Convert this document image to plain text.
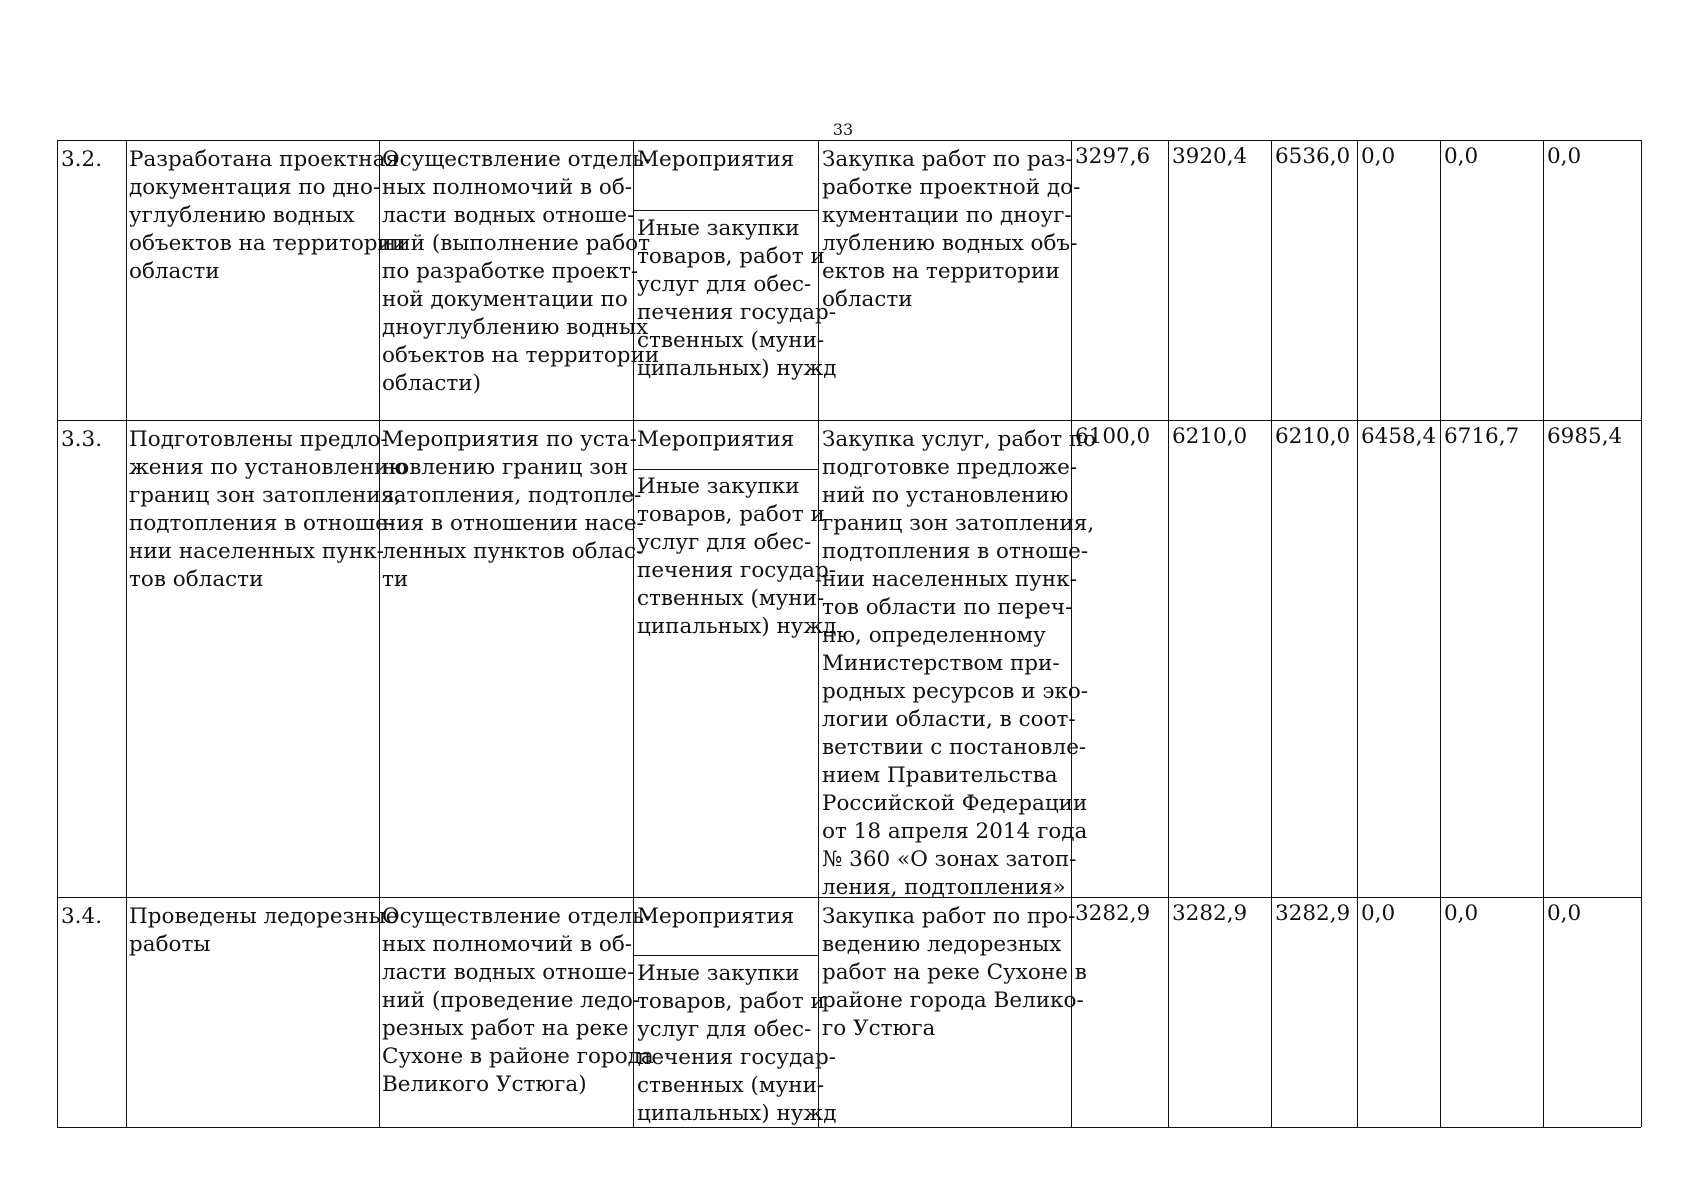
33
3.2. Разработана проектная
документация по дно-
углублению водных
объектов на территории
области
Осуществление отдель-
ных полномочий в об-
ласти водных отноше-
ний (выполнение работ
по разработке проект-
ной документации по
дноуглублению водных
объектов на территории
области)
Мероприятия
Иные закупки
товаров, работ и
услуг для обес-
печения государ-
ственных (муни-
ципальных) нужд
Закупка работ по раз-
работке проектной до-
кументации по дноуг-
лублению водных объ-
ектов на территории
области
3297,6 3920,4 6536,0 0,0 0,0	0,0
3.3. Подготовлены предло-
жения по установлению
границ зон затопления,
подтопления в отноше-
нии населенных пунк-
тов области
Мероприятия по уста-
новлению границ зон
затопления, подтопле-
ния в отношении насе-
ленных пунктов облас-
ти
Мероприятия
Иные закупки
товаров, работ и
услуг для обес-
печения государ-
ственных (муни-
ципальных) нужд
Закупка услуг, работ по
подготовке предложе-
ний по установлению
границ зон затопления,
подтопления в отноше-
нии населенных пунк-
тов области по переч-
ню, определенному
Министерством при-
родных ресурсов и эко-
логии области, в соот-
ветствии с постановле-
нием Правительства
Российской Федерации
от 18 апреля 2014 года
№ 360 «О зонах затоп-
ления, подтопления»
6100,0 6210,0 6210,0 6458,4 6716,7 6985,4
3.4. Проведены ледорезные
работы
Осуществление отдель-
ных полномочий в об-
ласти водных отноше-
ний (проведение ледо-
резных работ на реке
Сухоне в районе города
Великого Устюга)
Мероприятия
Иные закупки
товаров, работ и
услуг для обес-
печения государ-
ственных (муни-
ципальных) нужд
Закупка работ по про-
ведению ледорезных
работ на реке Сухоне в
районе города Велико-
го Устюга
3282,9 3282,9 3282,9 0,0 0,0	0,0
